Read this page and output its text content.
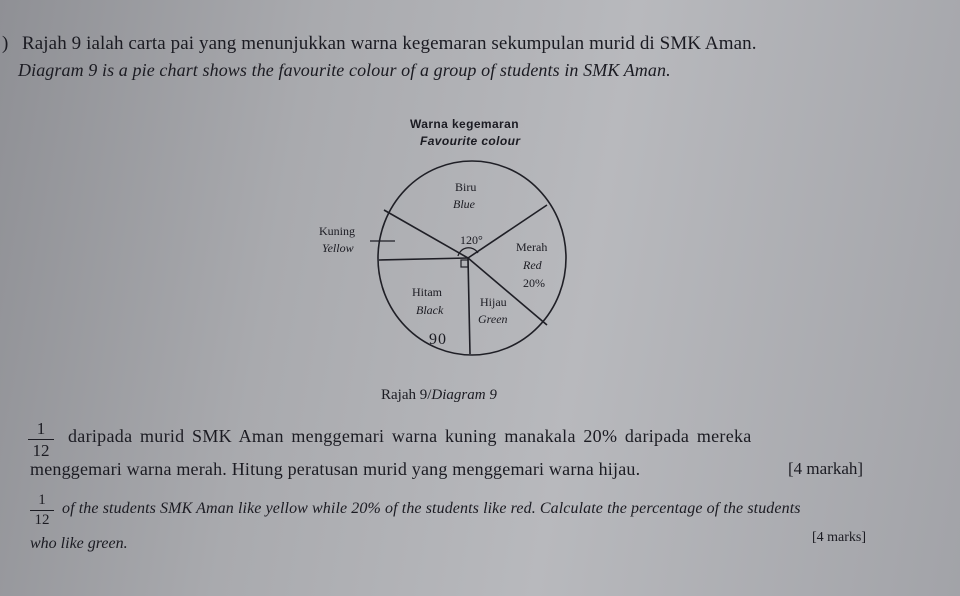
) Rajah 9 ialah carta pai yang menunjukkan warna kegemaran sekumpulan murid di SMK Aman.
Diagram 9 is a pie chart shows the favourite colour of a group of students in SMK Aman.
Warna kegemaran
Favourite colour
Biru
Blue
120°	Merah
Red
20%
Kuning
Yellow
Hitam
Black
90
Hijau
Green
Rajah 9/Diagram 9
1
12
daripada murid SMK Aman menggemari warna kuning manakala 20% daripada mereka
menggemari warna merah. Hitung peratusan murid yang menggemari warna hijau.	[4 markah]
1
12
of the students SMK Aman like yellow while 20% of the students like red. Calculate the percentage of the students
who like green.	[4 marks]
